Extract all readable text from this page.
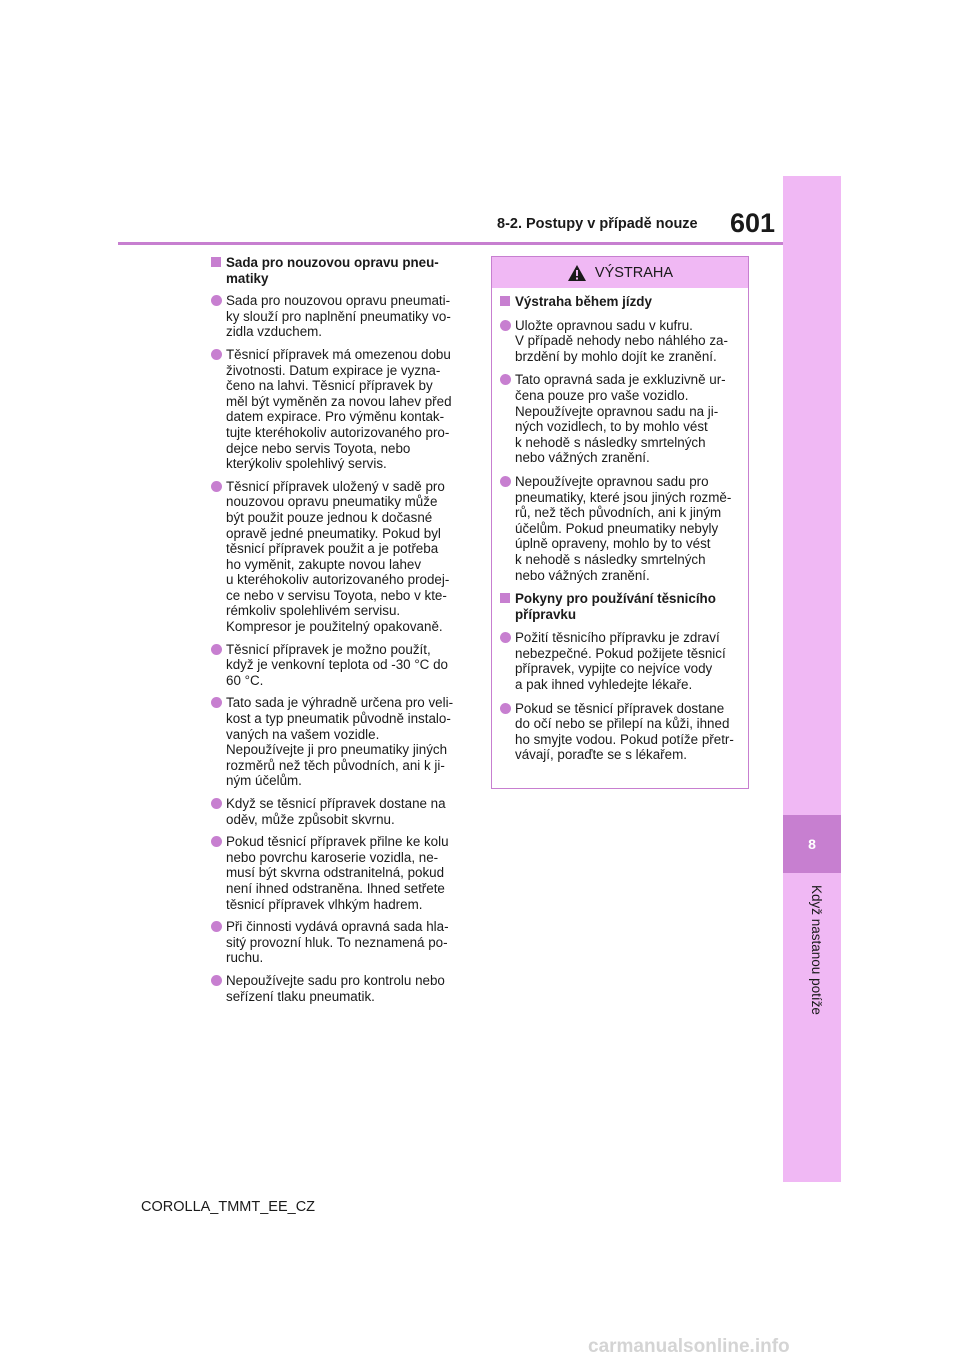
8-2. Postupy v případě nouze 601
8
Když nastanou potíže
Sada pro nouzovou opravu pneu-
matiky
Sada pro nouzovou opravu pneumati-
ky slouží pro naplnění pneumatiky vo-
zidla vzduchem.
Těsnicí přípravek má omezenou dobu
životnosti. Datum expirace je vyzna-
čeno na lahvi. Těsnicí přípravek by
měl být vyměněn za novou lahev před
datem expirace. Pro výměnu kontak-
tujte kteréhokoliv autorizovaného pro-
dejce nebo servis Toyota, nebo
kterýkoliv spolehlivý servis.
Těsnicí přípravek uložený v sadě pro
nouzovou opravu pneumatiky může
být použit pouze jednou k dočasné
opravě jedné pneumatiky. Pokud byl
těsnicí přípravek použit a je potřeba
ho vyměnit, zakupte novou lahev
u kteréhokoliv autorizovaného prodej-
ce nebo v servisu Toyota, nebo v kte-
rémkoliv spolehlivém servisu.
Kompresor je použitelný opakovaně.
Těsnicí přípravek je možno použít,
když je venkovní teplota od -30 °C do
60 °C.
Tato sada je výhradně určena pro veli-
kost a typ pneumatik původně instalo-
vaných na vašem vozidle.
Nepoužívejte ji pro pneumatiky jiných
rozměrů než těch původních, ani k ji-
ným účelům.
Když se těsnicí přípravek dostane na
oděv, může způsobit skvrnu.
Pokud těsnicí přípravek přilne ke kolu
nebo povrchu karoserie vozidla, ne-
musí být skvrna odstranitelná, pokud
není ihned odstraněna. Ihned setřete
těsnicí přípravek vlhkým hadrem.
Při činnosti vydává opravná sada hla-
sitý provozní hluk. To neznamená po-
ruchu.
Nepoužívejte sadu pro kontrolu nebo
seřízení tlaku pneumatik.
VÝSTRAHA
Výstraha během jízdy
Uložte opravnou sadu v kufru.
V případě nehody nebo náhlého za-
brzdění by mohlo dojít ke zranění.
Tato opravná sada je exkluzivně ur-
čena pouze pro vaše vozidlo.
Nepoužívejte opravnou sadu na ji-
ných vozidlech, to by mohlo vést
k nehodě s následky smrtelných
nebo vážných zranění.
Nepoužívejte opravnou sadu pro
pneumatiky, které jsou jiných rozmě-
rů, než těch původních, ani k jiným
účelům. Pokud pneumatiky nebyly
úplně opraveny, mohlo by to vést
k nehodě s následky smrtelných
nebo vážných zranění.
Pokyny pro používání těsnicího
přípravku
Požití těsnicího přípravku je zdraví
nebezpečné. Pokud požijete těsnicí
přípravek, vypijte co nejvíce vody
a pak ihned vyhledejte lékaře.
Pokud se těsnicí přípravek dostane
do očí nebo se přilepí na kůži, ihned
ho smyjte vodou. Pokud potíže přetr-
vávají, poraďte se s lékařem.
COROLLA_TMMT_EE_CZ
carmanualsonline.info
